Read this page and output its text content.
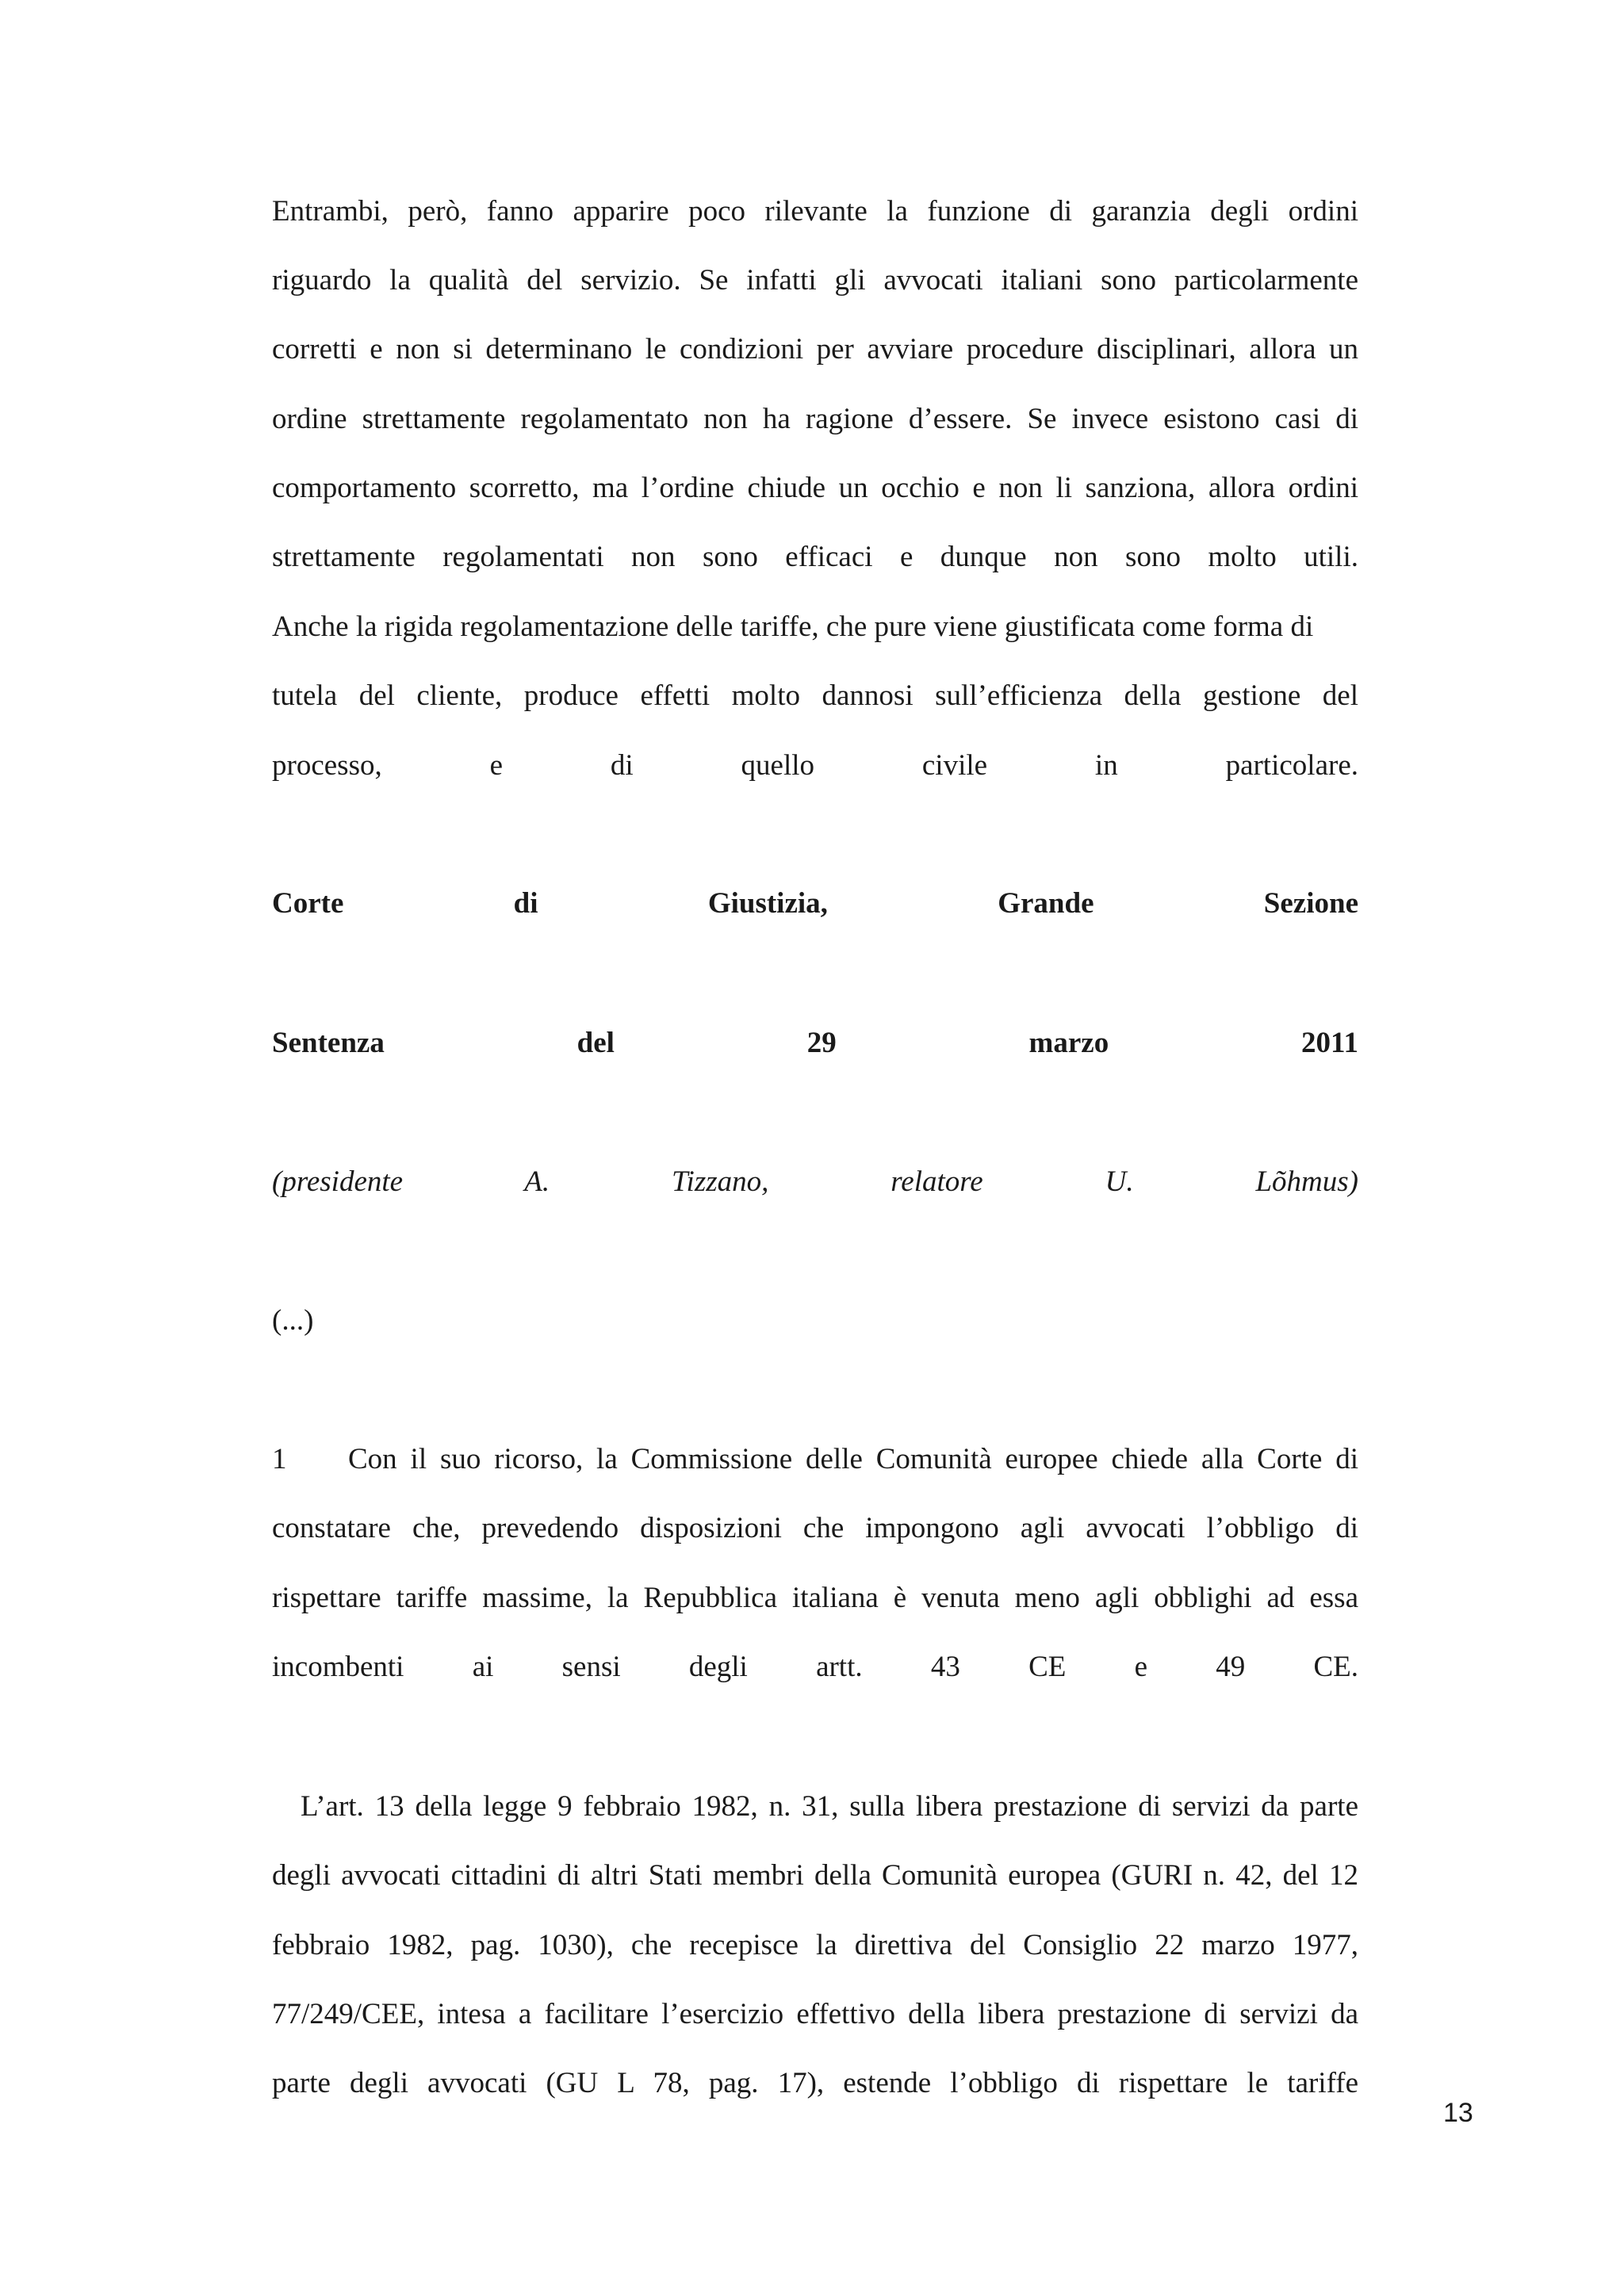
Entrambi, però, fanno apparire poco rilevante la funzione di garanzia degli ordini
riguardo la qualità del servizio. Se infatti gli avvocati italiani sono particolarmente
corretti e non si determinano le condizioni per avviare procedure disciplinari, allora un
ordine strettamente regolamentato non ha ragione d’essere. Se invece esistono casi di
comportamento scorretto, ma l’ordine chiude un occhio e non li sanziona, allora ordini
strettamente regolamentati non sono efficaci e dunque non sono molto utili.
Anche la rigida regolamentazione delle tariffe, che pure viene giustificata come forma di
tutela del cliente, produce effetti molto dannosi sull’efficienza della gestione del
processo, e di quello civile in particolare.
Corte di Giustizia, Grande Sezione
Sentenza del 29 marzo 2011
(presidente A. Tizzano, relatore U. Lõhmus)
(...)
1	Con il suo ricorso, la Commissione delle Comunità europee chiede alla Corte di
constatare che, prevedendo disposizioni che impongono agli avvocati l’obbligo di
rispettare tariffe massime, la Repubblica italiana è venuta meno agli obblighi ad essa
incombenti ai sensi degli artt. 43 CE e 49 CE.
L’art. 13 della legge 9 febbraio 1982, n. 31, sulla libera prestazione di servizi da parte
degli avvocati cittadini di altri Stati membri della Comunità europea (GURI n. 42, del 12
febbraio 1982, pag. 1030), che recepisce la direttiva del Consiglio 22 marzo 1977,
77/249/CEE, intesa a facilitare l’esercizio effettivo della libera prestazione di servizi da
parte degli avvocati (GU L 78, pag. 17), estende l’obbligo di rispettare le tariffe
13
